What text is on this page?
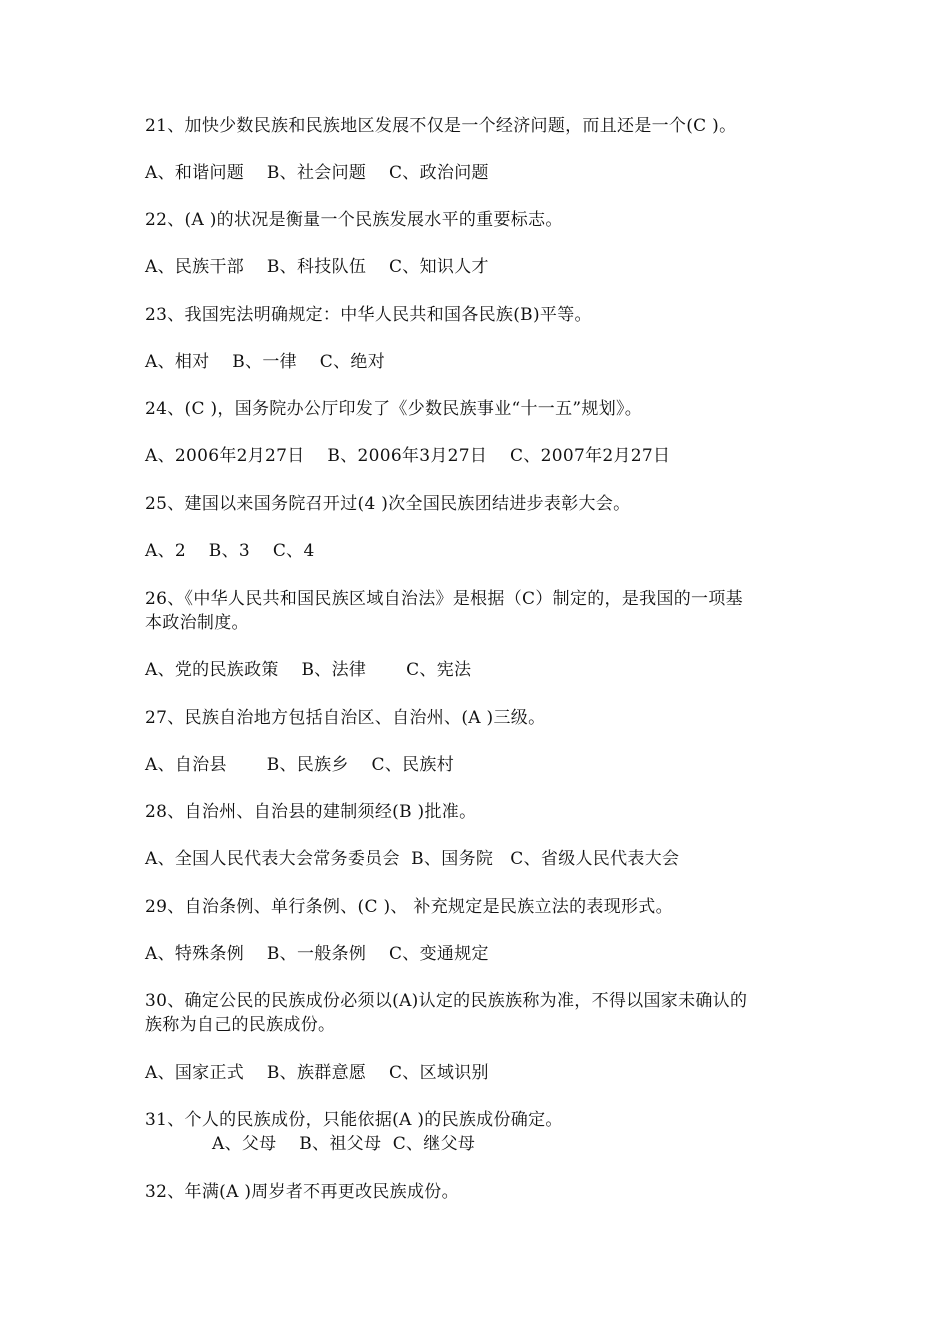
21、加快少数民族和民族地区发展不仅是一个经济问题，而且还是一个(C )。
A、和谐问题    B、社会问题    C、政治问题
22、(A )的状况是衡量一个民族发展水平的重要标志。
A、民族干部    B、科技队伍    C、知识人才
23、我国宪法明确规定：中华人民共和国各民族(B)平等。
A、相对    B、一律    C、绝对
24、(C )，国务院办公厅印发了《少数民族事业“十一五”规划》。
A、2006年2月27日    B、2006年3月27日    C、2007年2月27日
25、建国以来国务院召开过(4 )次全国民族团结进步表彰大会。
A、2    B、3    C、4
26、《中华人民共和国民族区域自治法》是根据（C）制定的，是我国的一项基
本政治制度。
A、党的民族政策    B、法律       C、宪法
27、民族自治地方包括自治区、自治州、(A )三级。
A、自治县       B、民族乡    C、民族村
28、自治州、自治县的建制须经(B )批准。
A、全国人民代表大会常务委员会  B、国务院   C、省级人民代表大会
29、自治条例、单行条例、(C )、 补充规定是民族立法的表现形式。
A、特殊条例    B、一般条例    C、变通规定
30、确定公民的民族成份必须以(A)认定的民族族称为准，不得以国家未确认的
族称为自己的民族成份。
A、国家正式    B、族群意愿    C、区域识别
31、个人的民族成份，只能依据(A )的民族成份确定。
A、父母    B、祖父母  C、继父母
32、年满(A )周岁者不再更改民族成份。
